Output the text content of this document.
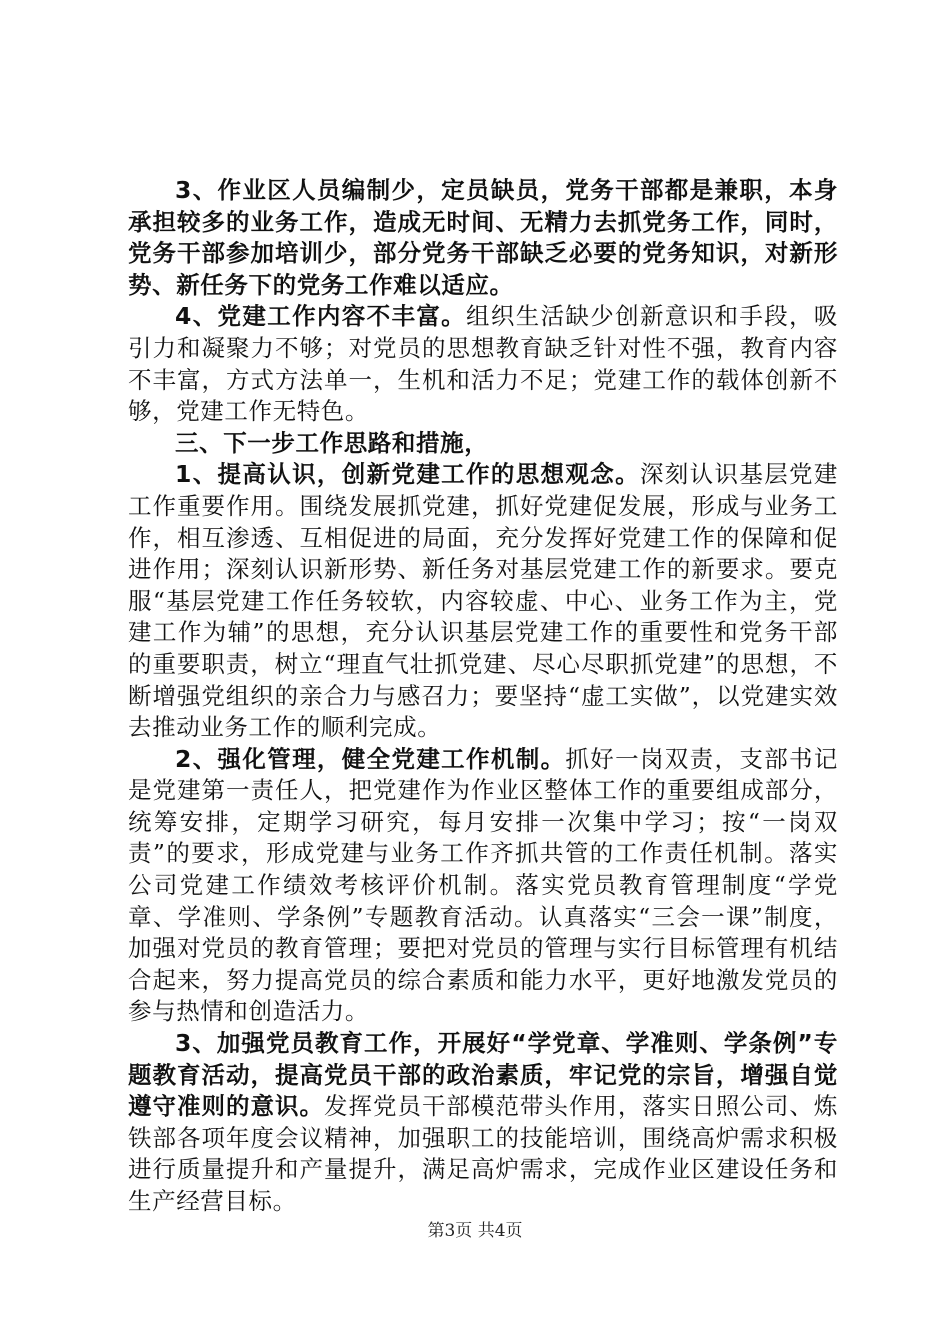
3、作业区人员编制少，定员缺员，党务干部都是兼职，本身承担较多的业务工作，造成无时间、无精力去抓党务工作，同时，党务干部参加培训少，部分党务干部缺乏必要的党务知识，对新形势、新任务下的党务工作难以适应。

4、党建工作内容不丰富。组织生活缺少创新意识和手段，吸引力和凝聚力不够；对党员的思想教育缺乏针对性不强，教育内容不丰富，方式方法单一，生机和活力不足；党建工作的载体创新不够，党建工作无特色。

三、下一步工作思路和措施，

1、提高认识，创新党建工作的思想观念。深刻认识基层党建工作重要作用。围绕发展抓党建，抓好党建促发展，形成与业务工作，相互渗透、互相促进的局面，充分发挥好党建工作的保障和促进作用；深刻认识新形势、新任务对基层党建工作的新要求。要克服“基层党建工作任务较软，内容较虚、中心、业务工作为主，党建工作为辅”的思想，充分认识基层党建工作的重要性和党务干部的重要职责，树立“理直气壮抓党建、尽心尽职抓党建”的思想，不断增强党组织的亲合力与感召力；要坚持“虚工实做”，以党建实效去推动业务工作的顺利完成。

2、强化管理，健全党建工作机制。抓好一岗双责，支部书记是党建第一责任人，把党建作为作业区整体工作的重要组成部分，统筹安排，定期学习研究，每月安排一次集中学习；按“一岗双责”的要求，形成党建与业务工作齐抓共管的工作责任机制。落实公司党建工作绩效考核评价机制。落实党员教育管理制度“学党章、学准则、学条例”专题教育活动。认真落实“三会一课”制度，加强对党员的教育管理；要把对党员的管理与实行目标管理有机结合起来，努力提高党员的综合素质和能力水平，更好地激发党员的参与热情和创造活力。

3、加强党员教育工作，开展好“学党章、学准则、学条例”专题教育活动，提高党员干部的政治素质，牢记党的宗旨，增强自觉遵守准则的意识。发挥党员干部模范带头作用，落实日照公司、炼铁部各项年度会议精神，加强职工的技能培训，围绕高炉需求积极进行质量提升和产量提升，满足高炉需求，完成作业区建设任务和生产经营目标。

第3页 共4页
